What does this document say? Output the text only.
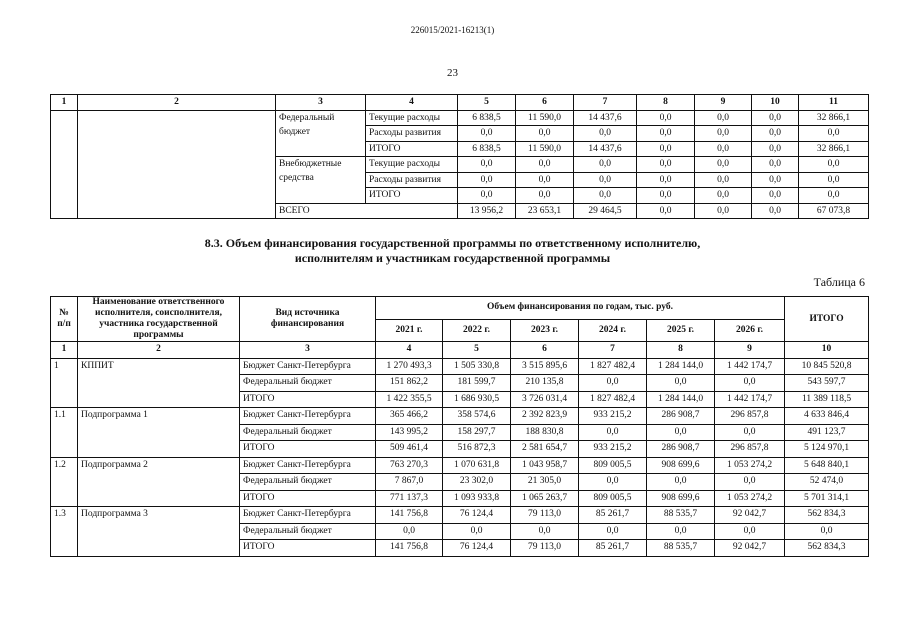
226015/2021-16213(1)
23
1	2	3	4	5	6	7	8	9	10	11
		Федеральный бюджет	Текущие расходы	6 838,5	11 590,0	14 437,6	0,0	0,0	0,0	32 866,1
			Расходы развития	0,0	0,0	0,0	0,0	0,0	0,0	0,0
			ИТОГО	6 838,5	11 590,0	14 437,6	0,0	0,0	0,0	32 866,1
		Внебюджетные средства	Текущие расходы	0,0	0,0	0,0	0,0	0,0	0,0	0,0
			Расходы развития	0,0	0,0	0,0	0,0	0,0	0,0	0,0
			ИТОГО	0,0	0,0	0,0	0,0	0,0	0,0	0,0
		ВСЕГО		13 956,2	23 653,1	29 464,5	0,0	0,0	0,0	67 073,8
8.3. Объем финансирования государственной программы по ответственному исполнителю,
исполнителям и участникам государственной программы
Таблица 6
№ п/п	Наименование ответственного исполнителя, соисполнителя, участника государственной программы	Вид источника финансирования	Объем финансирования по годам, тыс. руб.						ИТОГО
			2021 г.	2022 г.	2023 г.	2024 г.	2025 г.	2026 г.	
1	2	3	4	5	6	7	8	9	10
1	КППИТ	Бюджет Санкт-Петербурга	1 270 493,3	1 505 330,8	3 515 895,6	1 827 482,4	1 284 144,0	1 442 174,7	10 845 520,8
		Федеральный бюджет	151 862,2	181 599,7	210 135,8	0,0	0,0	0,0	543 597,7
		ИТОГО	1 422 355,5	1 686 930,5	3 726 031,4	1 827 482,4	1 284 144,0	1 442 174,7	11 389 118,5
1.1	Подпрограмма 1	Бюджет Санкт-Петербурга	365 466,2	358 574,6	2 392 823,9	933 215,2	286 908,7	296 857,8	4 633 846,4
		Федеральный бюджет	143 995,2	158 297,7	188 830,8	0,0	0,0	0,0	491 123,7
		ИТОГО	509 461,4	516 872,3	2 581 654,7	933 215,2	286 908,7	296 857,8	5 124 970,1
1.2	Подпрограмма 2	Бюджет Санкт-Петербурга	763 270,3	1 070 631,8	1 043 958,7	809 005,5	908 699,6	1 053 274,2	5 648 840,1
		Федеральный бюджет	7 867,0	23 302,0	21 305,0	0,0	0,0	0,0	52 474,0
		ИТОГО	771 137,3	1 093 933,8	1 065 263,7	809 005,5	908 699,6	1 053 274,2	5 701 314,1
1.3	Подпрограмма 3	Бюджет Санкт-Петербурга	141 756,8	76 124,4	79 113,0	85 261,7	88 535,7	92 042,7	562 834,3
		Федеральный бюджет	0,0	0,0	0,0	0,0	0,0	0,0	0,0
		ИТОГО	141 756,8	76 124,4	79 113,0	85 261,7	88 535,7	92 042,7	562 834,3
